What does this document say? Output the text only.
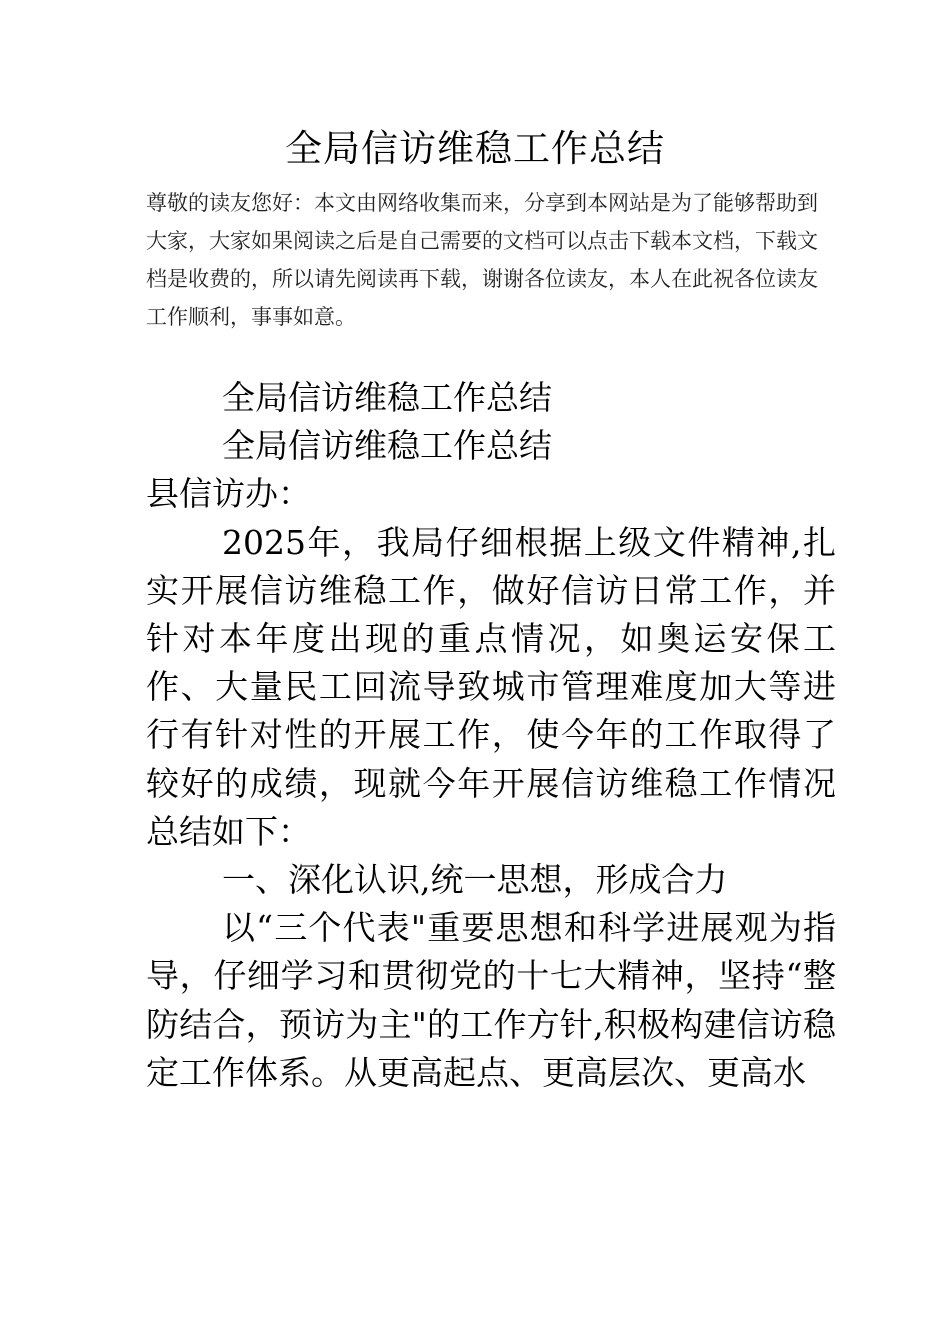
全局信访维稳工作总结

尊敬的读友您好：本文由网络收集而来，分享到本网站是为了能够帮助到大家，大家如果阅读之后是自己需要的文档可以点击下载本文档，下载文档是收费的，所以请先阅读再下载，谢谢各位读友，本人在此祝各位读友工作顺利，事事如意。

全局信访维稳工作总结

全局信访维稳工作总结

县信访办：

2025年，我局仔细根据上级文件精神,扎实开展信访维稳工作，做好信访日常工作，并针对本年度出现的重点情况，如奥运安保工作、大量民工回流导致城市管理难度加大等进行有针对性的开展工作，使今年的工作取得了较好的成绩，现就今年开展信访维稳工作情况总结如下：

一、深化认识,统一思想，形成合力

以“三个代表"重要思想和科学进展观为指导，仔细学习和贯彻党的十七大精神，坚持“整防结合，预访为主"的工作方针,积极构建信访稳定工作体系。从更高起点、更高层次、更高水
